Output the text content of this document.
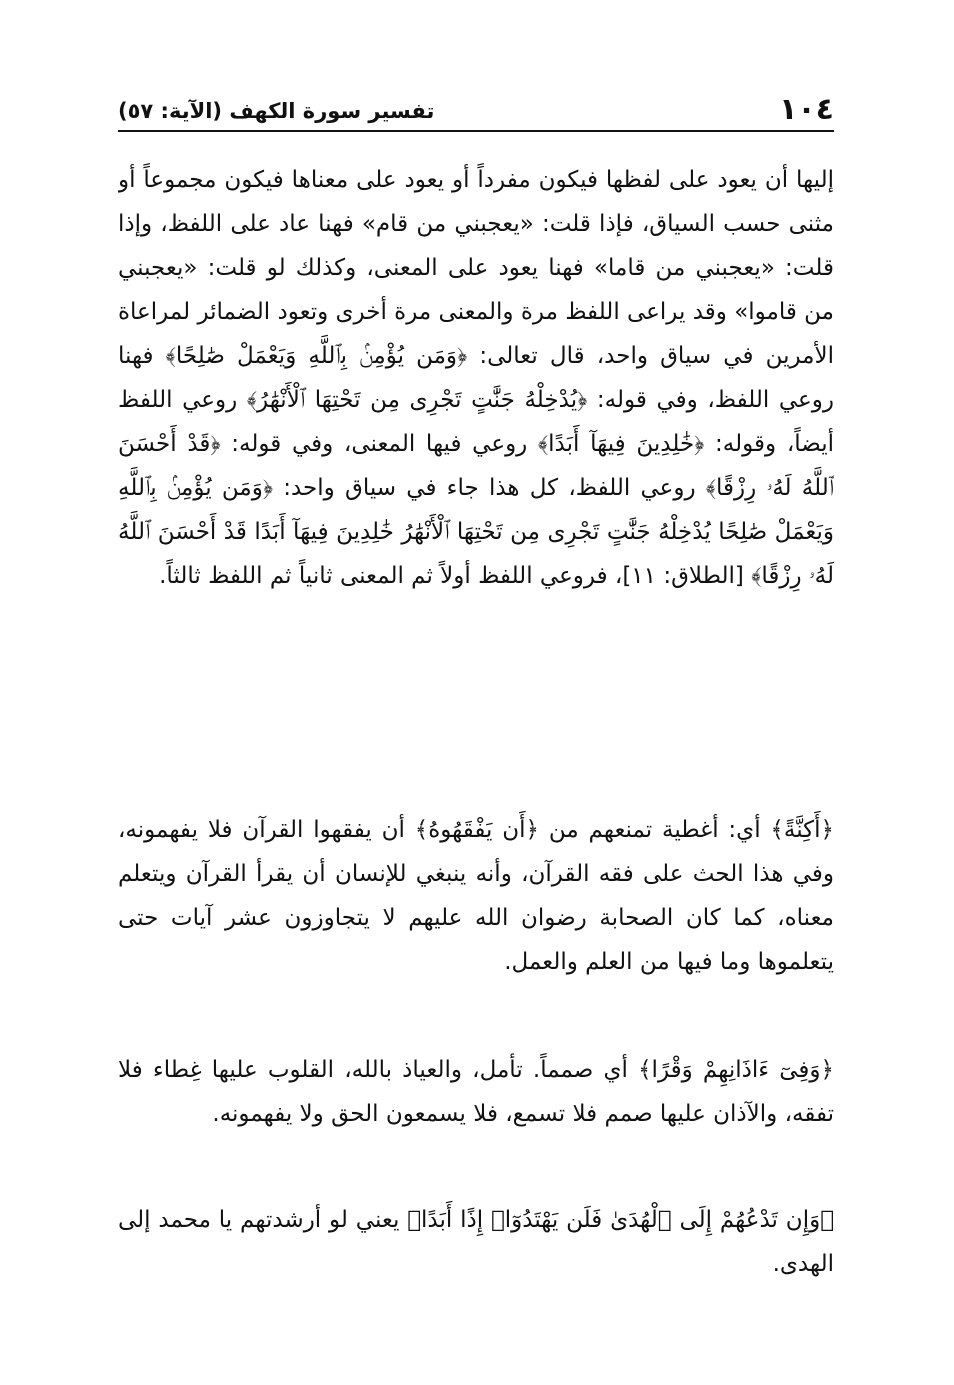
١٠٤
تفسير سورة الكهف (الآية: ٥٧)

إليها أن يعود على لفظها فيكون مفرداً أو يعود على معناها فيكون مجموعاً أو مثنى حسب السياق، فإذا قلت: «يعجبني من قام» فهنا عاد على اللفظ، وإذا قلت: «يعجبني من قاما» فهنا يعود على المعنى، وكذلك لو قلت: «يعجبني من قاموا» وقد يراعى اللفظ مرة والمعنى مرة أخرى وتعود الضمائر لمراعاة الأمرين في سياق واحد، قال تعالى: ﴿وَمَن يُؤْمِنۢ بِٱللَّهِ وَيَعْمَلْ صَٰلِحًا﴾ فهنا روعي اللفظ، وفي قوله: ﴿يُدْخِلْهُ جَنَّٰتٍ تَجْرِى مِن تَحْتِهَا ٱلْأَنْهَٰرُ﴾ روعي اللفظ أيضاً، وقوله: ﴿خَٰلِدِينَ فِيهَآ أَبَدًا﴾ روعي فيها المعنى، وفي قوله: ﴿قَدْ أَحْسَنَ ٱللَّهُ لَهُۥ رِزْقًا﴾ روعي اللفظ، كل هذا جاء في سياق واحد: ﴿وَمَن يُؤْمِنۢ بِٱللَّهِ وَيَعْمَلْ صَٰلِحًا يُدْخِلْهُ جَنَّٰتٍ تَجْرِى مِن تَحْتِهَا ٱلْأَنْهَٰرُ خَٰلِدِينَ فِيهَآ أَبَدًا قَدْ أَحْسَنَ ٱللَّهُ لَهُۥ رِزْقًا﴾ [الطلاق: ١١]، فروعي اللفظ أولاً ثم المعنى ثانياً ثم اللفظ ثالثاً.

﴿أَكِنَّةً﴾ أي: أغطية تمنعهم من ﴿أَن يَفْقَهُوهُ﴾ أن يفقهوا القرآن فلا يفهمونه، وفي هذا الحث على فقه القرآن، وأنه ينبغي للإنسان أن يقرأ القرآن ويتعلم معناه، كما كان الصحابة رضوان الله عليهم لا يتجاوزون عشر آيات حتى يتعلموها وما فيها من العلم والعمل.

﴿وَفِىٓ ءَاذَانِهِمْ وَقْرًا﴾ أي صمماً. تأمل، والعياذ بالله، القلوب عليها غِطاء فلا تفقه، والآذان عليها صمم فلا تسمع، فلا يسمعون الحق ولا يفهمونه.

﴿وَإِن تَدْعُهُمْ إِلَى ٱلْهُدَىٰ فَلَن يَهْتَدُوٓا۟ إِذًا أَبَدًا﴾ يعني لو أرشدتهم يا محمد إلى الهدى.
